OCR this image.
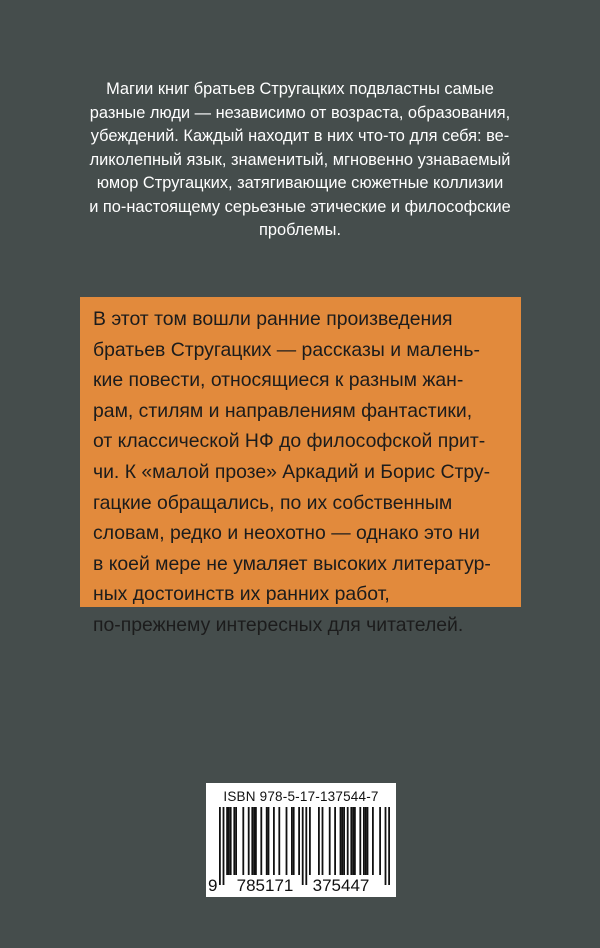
Магии книг братьев Стругацких подвластны самые
разные люди — независимо от возраста, образования,
убеждений. Каждый находит в них что-то для себя: ве-
ликолепный язык, знаменитый, мгновенно узнаваемый
юмор Стругацких, затягивающие сюжетные коллизии
и по-настоящему серьезные этические и философские
проблемы.

В этот том вошли ранние произведения
братьев Стругацких — рассказы и малень-
кие повести, относящиеся к разным жан-
рам, стилям и направлениям фантастики,
от классической НФ до философской прит-
чи. К «малой прозе» Аркадий и Борис Стру-
гацкие обращались, по их собственным
словам, редко и неохотно — однако это ни
в коей мере не умаляет высоких литератур-
ных достоинств их ранних работ,
по-прежнему интересных для читателей.

ISBN 978-5-17-137544-7
9 785171 375447
